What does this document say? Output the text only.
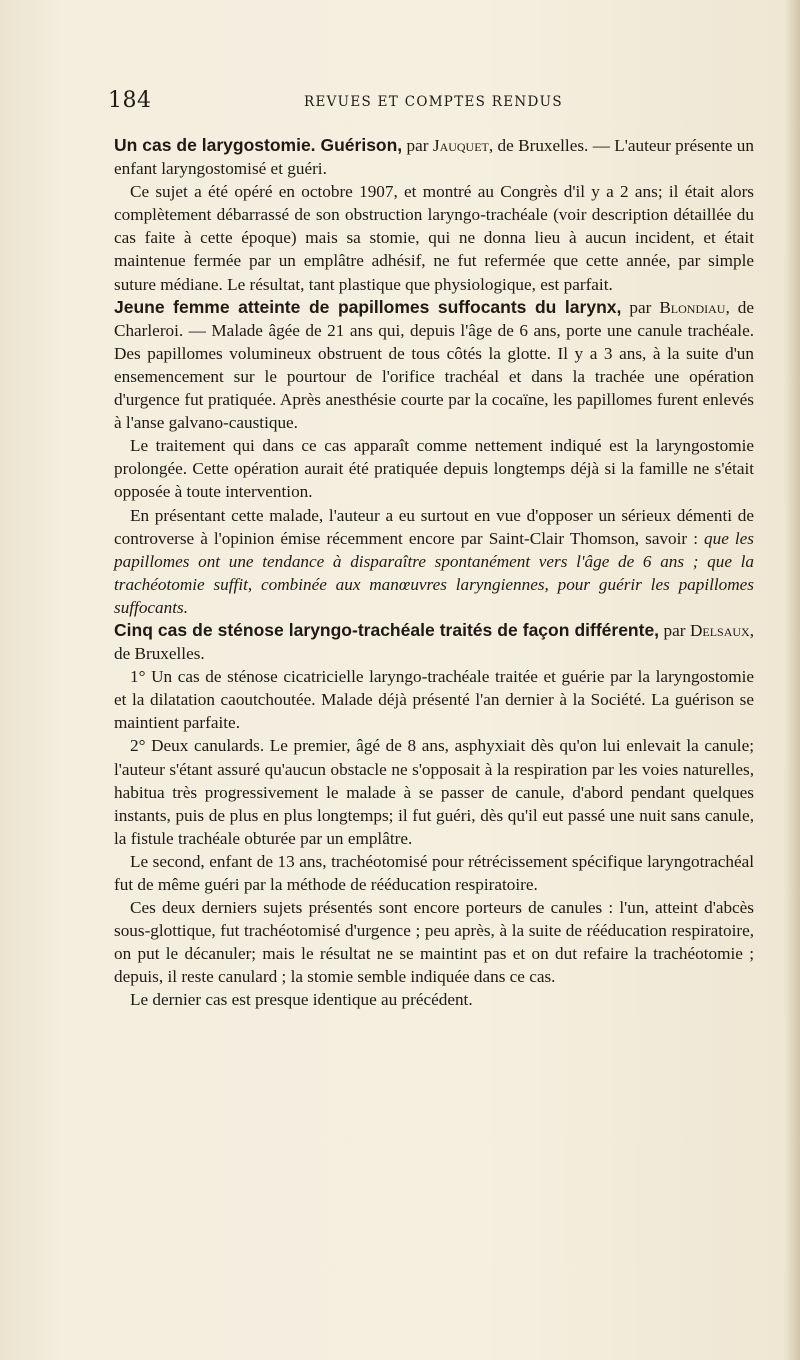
184	REVUES ET COMPTES RENDUS

Un cas de larygostomie. Guérison, par Jauquet, de Bruxelles. — L'auteur présente un enfant laryngostomisé et guéri.

Ce sujet a été opéré en octobre 1907, et montré au Congrès d'il y a 2 ans; il était alors complètement débarrassé de son obstruction laryngo-trachéale (voir description détaillée du cas faite à cette époque) mais sa stomie, qui ne donna lieu à aucun incident, et était maintenue fermée par un emplâtre adhésif, ne fut refermée que cette année, par simple suture médiane. Le résultat, tant plastique que physiologique, est parfait.

Jeune femme atteinte de papillomes suffocants du larynx, par Blondiau, de Charleroi. — Malade âgée de 21 ans qui, depuis l'âge de 6 ans, porte une canule trachéale. Des papillomes volumineux obstruent de tous côtés la glotte. Il y a 3 ans, à la suite d'un ensemencement sur le pourtour de l'orifice trachéal et dans la trachée une opération d'urgence fut pratiquée. Après anesthésie courte par la cocaïne, les papillomes furent enlevés à l'anse galvano-caustique.

Le traitement qui dans ce cas apparaît comme nettement indiqué est la laryngostomie prolongée. Cette opération aurait été pratiquée depuis longtemps déjà si la famille ne s'était opposée à toute intervention.

En présentant cette malade, l'auteur a eu surtout en vue d'opposer un sérieux démenti de controverse à l'opinion émise récemment encore par Saint-Clair Thomson, savoir : que les papillomes ont une tendance à disparaître spontanément vers l'âge de 6 ans ; que la trachéotomie suffit, combinée aux manœuvres laryngiennes, pour guérir les papillomes suffocants.

Cinq cas de sténose laryngo-trachéale traités de façon différente, par Delsaux, de Bruxelles.

1° Un cas de sténose cicatricielle laryngo-trachéale traitée et guérie par la laryngostomie et la dilatation caoutchoutée. Malade déjà présenté l'an dernier à la Société. La guérison se maintient parfaite.

2° Deux canulards. Le premier, âgé de 8 ans, asphyxiait dès qu'on lui enlevait la canule; l'auteur s'étant assuré qu'aucun obstacle ne s'opposait à la respiration par les voies naturelles, habitua très progressivement le malade à se passer de canule, d'abord pendant quelques instants, puis de plus en plus longtemps; il fut guéri, dès qu'il eut passé une nuit sans canule, la fistule trachéale obturée par un emplâtre.

Le second, enfant de 13 ans, trachéotomisé pour rétrécissement spécifique laryngotrachéal fut de même guéri par la méthode de rééducation respiratoire.

Ces deux derniers sujets présentés sont encore porteurs de canules : l'un, atteint d'abcès sous-glottique, fut trachéotomisé d'urgence ; peu après, à la suite de rééducation respiratoire, on put le décanuler; mais le résultat ne se maintint pas et on dut refaire la trachéotomie ; depuis, il reste canulard ; la stomie semble indiquée dans ce cas.

Le dernier cas est presque identique au précédent.
